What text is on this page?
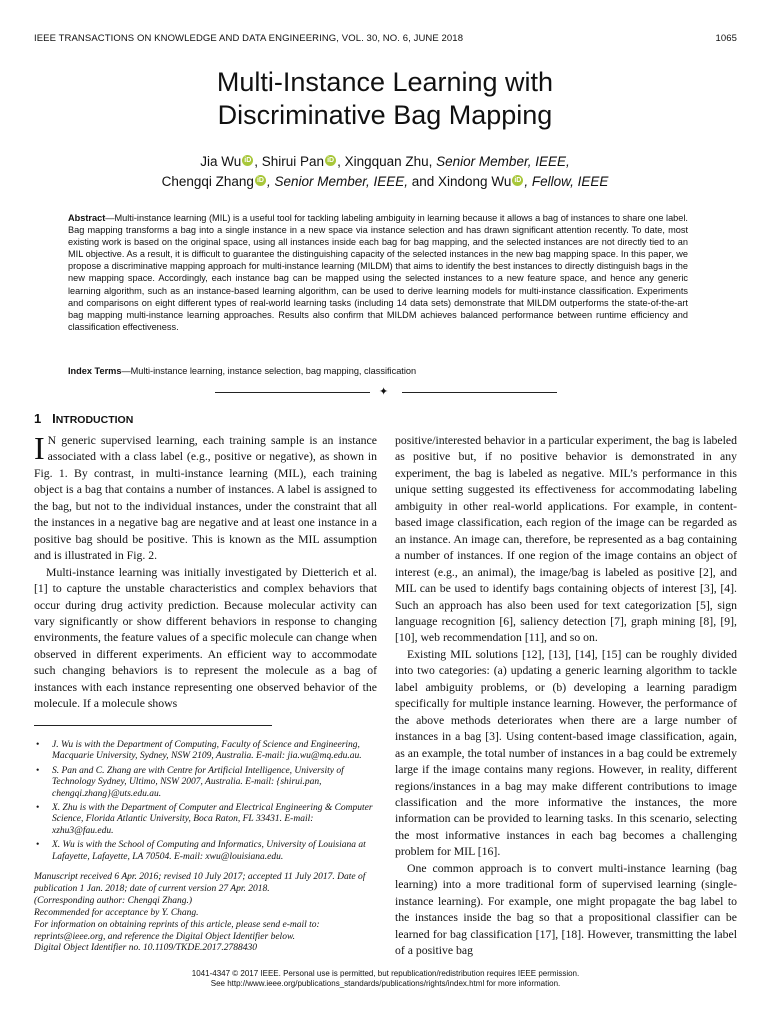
IEEE TRANSACTIONS ON KNOWLEDGE AND DATA ENGINEERING, VOL. 30, NO. 6, JUNE 2018	1065
Multi-Instance Learning with
Discriminative Bag Mapping
Jia Wu iD , Shirui Pan iD , Xingquan Zhu, Senior Member, IEEE,
Chengqi Zhang iD , Senior Member, IEEE, and Xindong Wu iD , Fellow, IEEE
Abstract—Multi-instance learning (MIL) is a useful tool for tackling labeling ambiguity in learning because it allows a bag of instances to share one label. Bag mapping transforms a bag into a single instance in a new space via instance selection and has drawn significant attention recently. To date, most existing work is based on the original space, using all instances inside each bag for bag mapping, and the selected instances are not directly tied to an MIL objective. As a result, it is difficult to guarantee the distinguishing capacity of the selected instances in the new bag mapping space. In this paper, we propose a discriminative mapping approach for multi-instance learning (MILDM) that aims to identify the best instances to directly distinguish bags in the new mapping space. Accordingly, each instance bag can be mapped using the selected instances to a new feature space, and hence any generic learning algorithm, such as an instance-based learning algorithm, can be used to derive learning models for multi-instance classification. Experiments and comparisons on eight different types of real-world learning tasks (including 14 data sets) demonstrate that MILDM outperforms the state-of-the-art bag mapping multi-instance learning approaches. Results also confirm that MILDM achieves balanced performance between runtime efficiency and classification effectiveness.
Index Terms—Multi-instance learning, instance selection, bag mapping, classification
✦
1 INTRODUCTION

I N generic supervised learning, each training sample is an instance associated with a class label (e.g., positive or negative), as shown in Fig. 1. By contrast, in multi-instance learning (MIL), each training object is a bag that contains a number of instances. A label is assigned to the bag, but not to the individual instances, under the constraint that all the instances in a negative bag are negative and at least one instance in a positive bag should be positive. This is known as the MIL assumption and is illustrated in Fig. 2.

Multi-instance learning was initially investigated by Dietterich et al. [1] to capture the unstable characteristics and complex behaviors that occur during drug activity prediction. Because molecular activity can vary significantly or show different behaviors in response to changing environments, the feature values of a specific molecule can change when observed in different experiments. An efficient way to accommodate such changing behaviors is to represent the molecule as a bag of instances with each instance representing one observed behavior of the molecule. If a molecule shows

• J. Wu is with the Department of Computing, Faculty of Science and Engineering, Macquarie University, Sydney, NSW 2109, Australia. E-mail: jia.wu@mq.edu.au.
• S. Pan and C. Zhang are with Centre for Artificial Intelligence, University of Technology Sydney, Ultimo, NSW 2007, Australia. E-mail: {shirui.pan, chengqi.zhang}@uts.edu.au.
• X. Zhu is with the Department of Computer and Electrical Engineering & Computer Science, Florida Atlantic University, Boca Raton, FL 33431. E-mail: xzhu3@fau.edu.
• X. Wu is with the School of Computing and Informatics, University of Louisiana at Lafayette, Lafayette, LA 70504. E-mail: xwu@louisiana.edu.
Manuscript received 6 Apr. 2016; revised 10 July 2017; accepted 11 July 2017. Date of publication 1 Jan. 2018; date of current version 27 Apr. 2018.
(Corresponding author: Chengqi Zhang.)
Recommended for acceptance by Y. Chang.
For information on obtaining reprints of this article, please send e-mail to: reprints@ieee.org, and reference the Digital Object Identifier below.
Digital Object Identifier no. 10.1109/TKDE.2017.2788430

positive/interested behavior in a particular experiment, the bag is labeled as positive but, if no positive behavior is demonstrated in any experiment, the bag is labeled as negative. MIL’s performance in this unique setting suggested its effectiveness for accommodating labeling ambiguity in other real-world applications. For example, in content-based image classification, each region of the image can be regarded as an instance. An image can, therefore, be represented as a bag containing a number of instances. If one region of the image contains an object of interest (e.g., an animal), the image/bag is labeled as positive [2], and MIL can be used to identify bags containing objects of interest [3], [4]. Such an approach has also been used for text categorization [5], sign language recognition [6], saliency detection [7], graph mining [8], [9], [10], web recommendation [11], and so on.

Existing MIL solutions [12], [13], [14], [15] can be roughly divided into two categories: (a) updating a generic learning algorithm to tackle label ambiguity problems, or (b) developing a learning paradigm specifically for multiple instance learning. However, the performance of the above methods deteriorates when there are a large number of instances in a bag [3]. Using content-based image classification, again, as an example, the total number of instances in a bag could be extremely large if the image contains many regions. However, in reality, different regions/instances in a bag may make different contributions to image classification and the more informative the instances, the more information can be provided to learning tasks. In this scenario, selecting the most informative instances in each bag becomes a challenging problem for MIL [16].

One common approach is to convert multi-instance learning (bag learning) into a more traditional form of supervised learning (single-instance learning). For example, one might propagate the bag label to the instances inside the bag so that a propositional classifier can be learned for bag classification [17], [18]. However, transmitting the label of a positive bag

1041-4347 © 2017 IEEE. Personal use is permitted, but republication/redistribution requires IEEE permission.
See http://www.ieee.org/publications_standards/publications/rights/index.html for more information.
